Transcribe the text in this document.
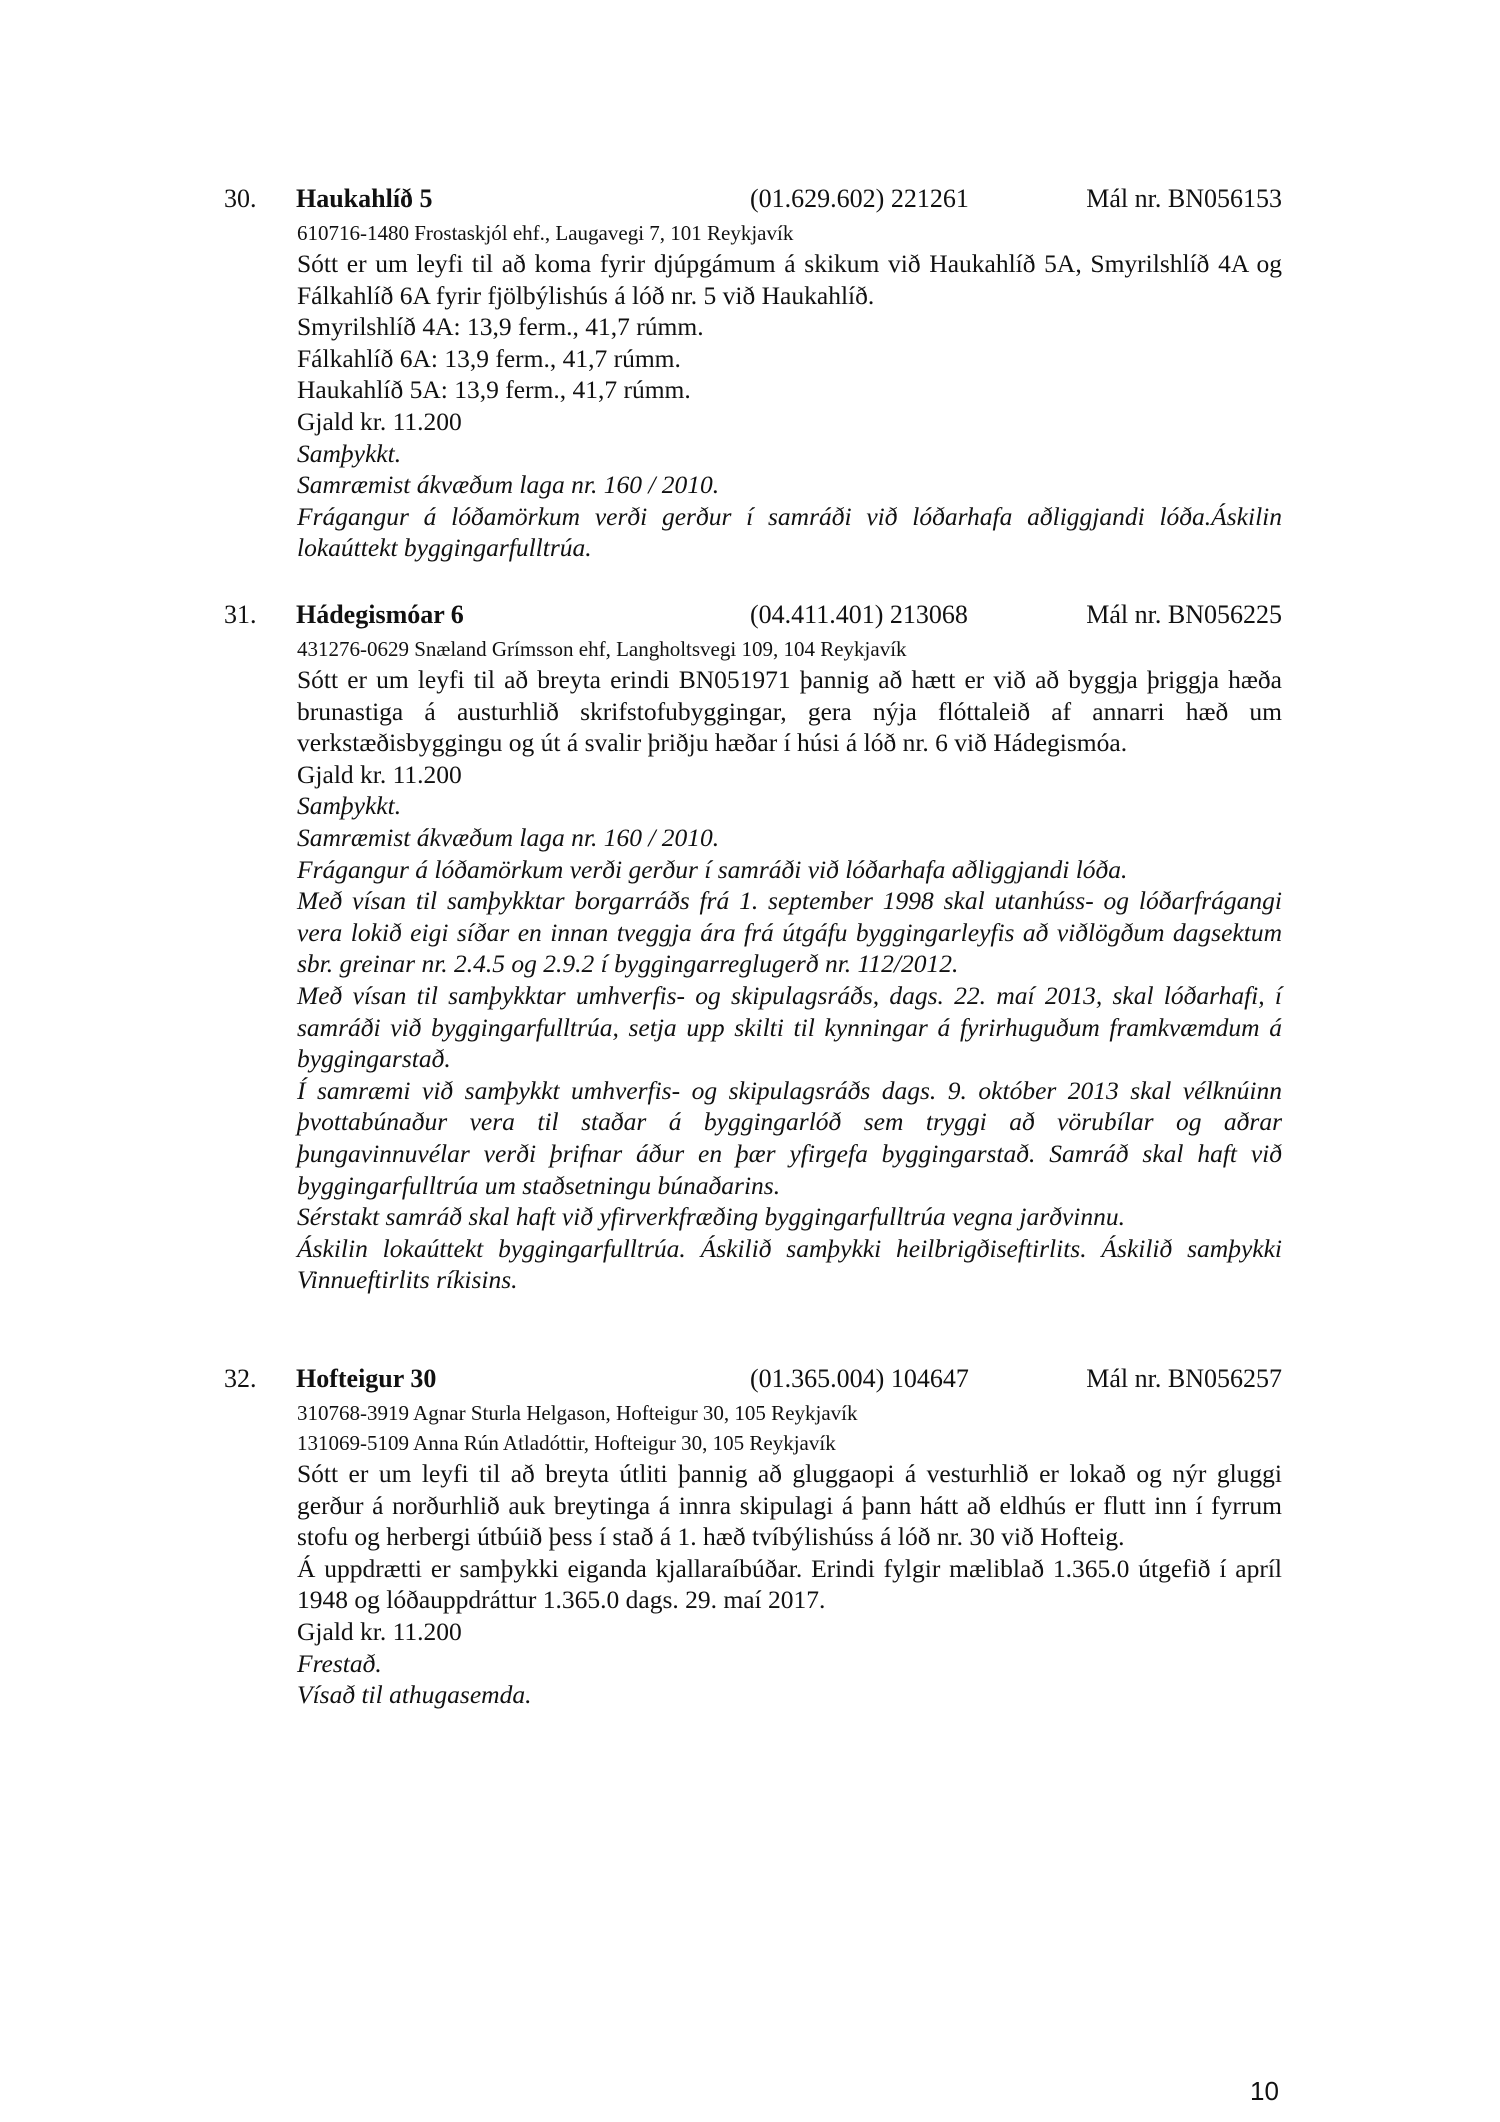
30. Haukahlíð 5	(01.629.602) 221261	Mál nr. BN056153
610716-1480 Frostaskjól ehf., Laugavegi 7, 101 Reykjavík
Sótt er um leyfi til að koma fyrir djúpgámum á skikum við Haukahlíð 5A, Smyrilshlíð 4A og Fálkahlíð 6A fyrir fjölbýlishús á lóð nr. 5 við Haukahlíð.
Smyrilshlíð 4A: 13,9 ferm., 41,7 rúmm.
Fálkahlíð 6A: 13,9 ferm., 41,7 rúmm.
Haukahlíð 5A: 13,9 ferm., 41,7 rúmm.
Gjald kr. 11.200
Samþykkt.
Samræmist ákvæðum laga nr. 160 / 2010.
Frágangur á lóðamörkum verði gerður í samráði við lóðarhafa aðliggjandi lóða.Áskilin lokaúttekt byggingarfulltrúa.
31. Hádegismóar 6	(04.411.401) 213068	Mál nr. BN056225
431276-0629 Snæland Grímsson ehf, Langholtsvegi 109, 104 Reykjavík
Sótt er um leyfi til að breyta erindi BN051971 þannig að hætt er við að byggja þriggja hæða brunastiga á austurhlið skrifstofubyggingar, gera nýja flóttaleið af annarri hæð um verkstæðisbyggingu og út á svalir þriðju hæðar í húsi á lóð nr. 6 við Hádegismóa.
Gjald kr. 11.200
Samþykkt.
Samræmist ákvæðum laga nr. 160 / 2010.
Frágangur á lóðamörkum verði gerður í samráði við lóðarhafa aðliggjandi lóða.
Með vísan til samþykktar borgarráðs frá 1. september 1998 skal utanhúss- og lóðarfrágangi vera lokið eigi síðar en innan tveggja ára frá útgáfu byggingarleyfis að viðlögðum dagsektum sbr. greinar nr. 2.4.5 og 2.9.2 í byggingarreglugerð nr. 112/2012.
Með vísan til samþykktar umhverfis- og skipulagsráðs, dags. 22. maí 2013, skal lóðarhafi, í samráði við byggingarfulltrúa, setja upp skilti til kynningar á fyrirhuguðum framkvæmdum á byggingarstað.
Í samræmi við samþykkt umhverfis- og skipulagsráðs dags. 9. október 2013 skal vélknúinn þvottabúnaður vera til staðar á byggingarlóð sem tryggi að vörubílar og aðrar þungavinnuvélar verði þrifnar áður en þær yfirgefa byggingarstað. Samráð skal haft við byggingarfulltrúa um staðsetningu búnaðarins.
Sérstakt samráð skal haft við yfirverkfræðing byggingarfulltrúa vegna jarðvinnu.
Áskilin lokaúttekt byggingarfulltrúa. Áskilið samþykki heilbrigðiseftirlits. Áskilið samþykki Vinnueftirlits ríkisins.
32. Hofteigur 30	(01.365.004) 104647	Mál nr. BN056257
310768-3919 Agnar Sturla Helgason, Hofteigur 30, 105 Reykjavík
131069-5109 Anna Rún Atladóttir, Hofteigur 30, 105 Reykjavík
Sótt er um leyfi til að breyta útliti þannig að gluggaopi á vesturhlið er lokað og nýr gluggi gerður á norðurhlið auk breytinga á innra skipulagi á þann hátt að eldhús er flutt inn í fyrrum stofu og herbergi útbúið þess í stað á 1. hæð tvíbýlishúss á lóð nr. 30 við Hofteig.
Á uppdrætti er samþykki eiganda kjallaraíbúðar. Erindi fylgir mæliblað 1.365.0 útgefið í apríl 1948 og lóðauppdráttur 1.365.0 dags. 29. maí 2017.
Gjald kr. 11.200
Frestað.
Vísað til athugasemda.
10
